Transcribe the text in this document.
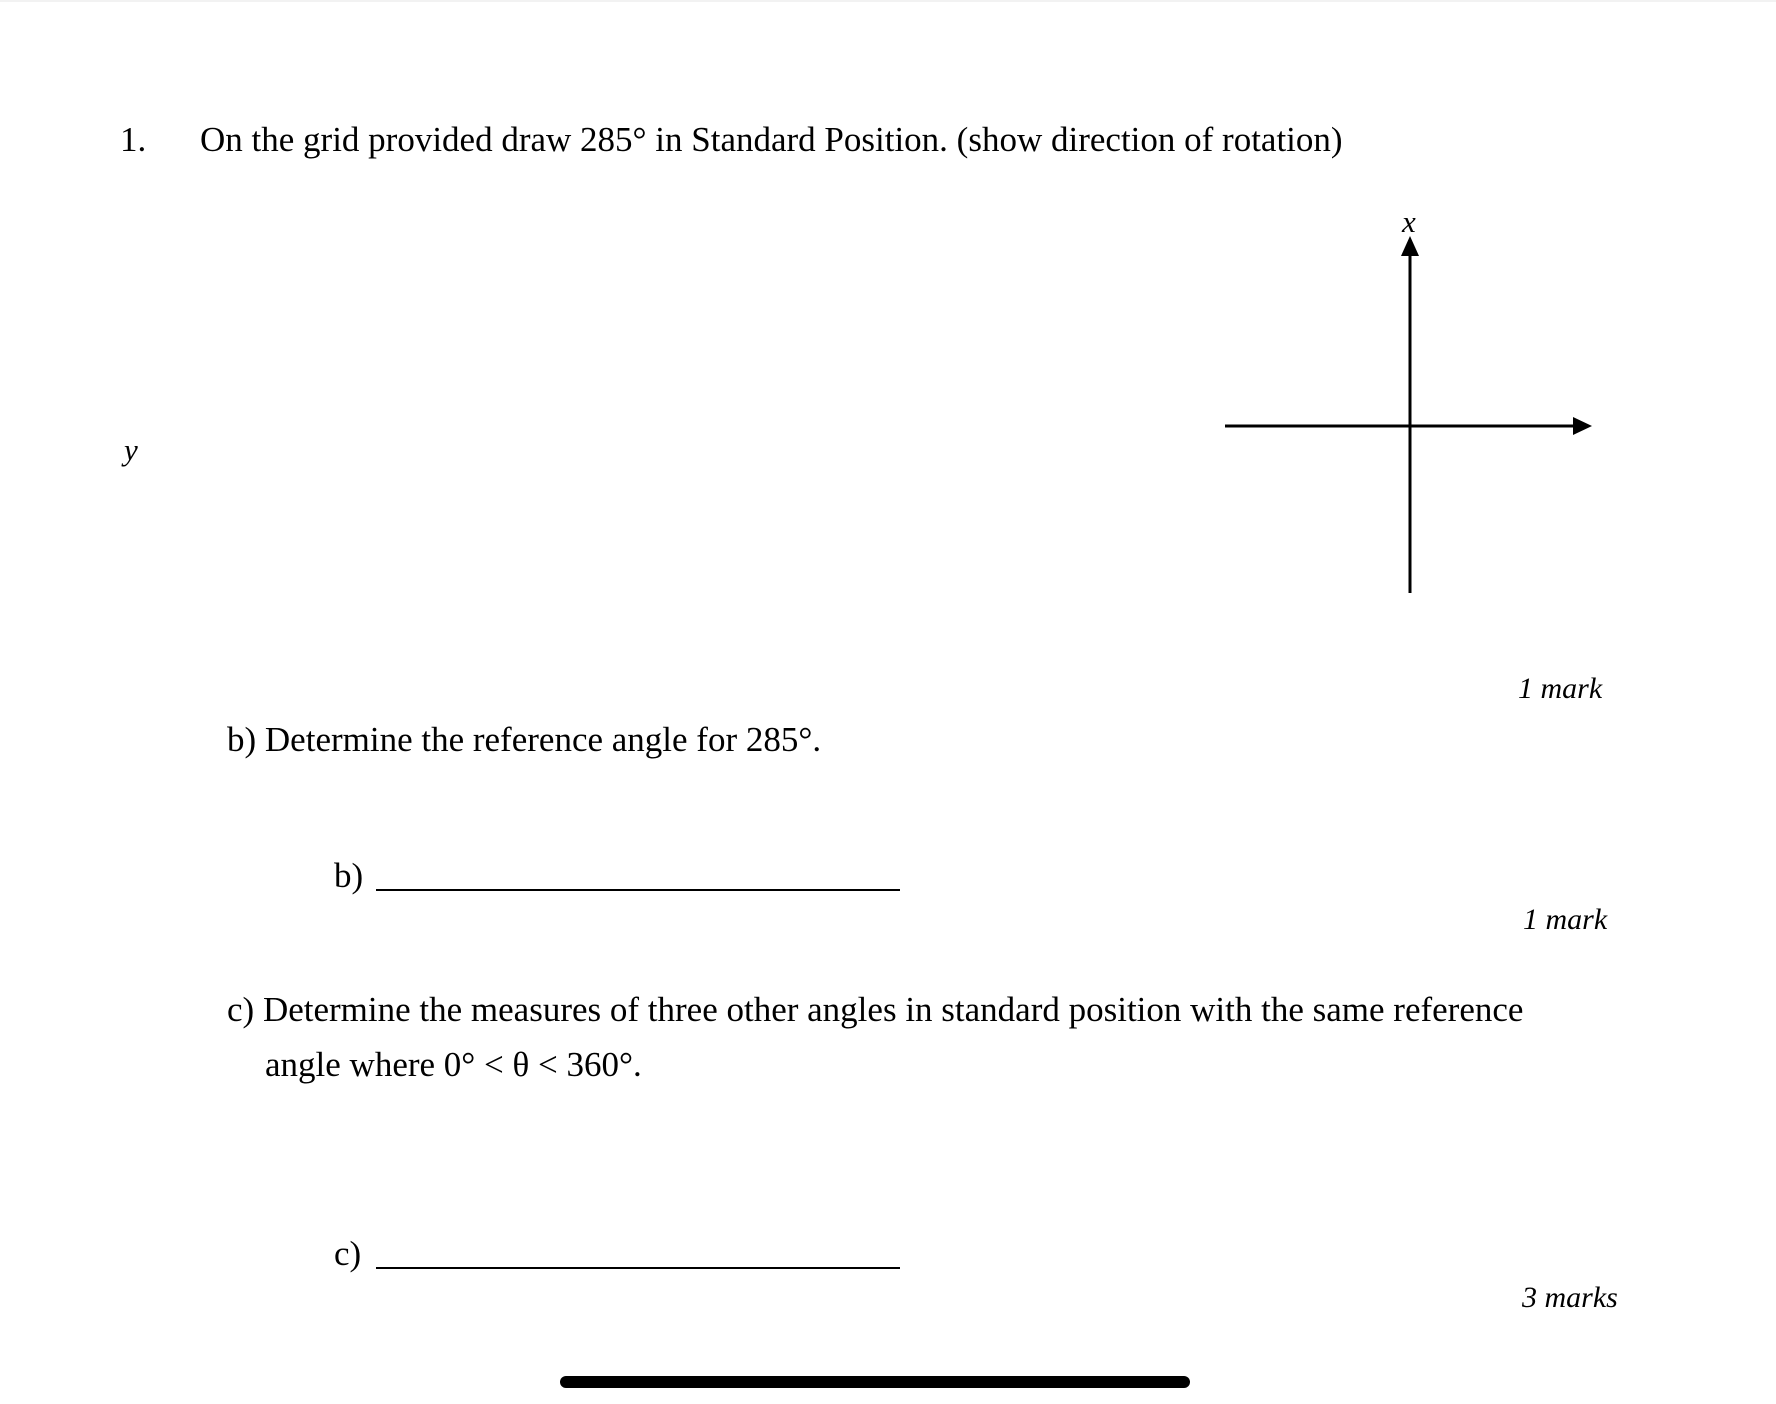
1. On the grid provided draw 285° in Standard Position. (show direction of rotation)
x
y
1 mark
b) Determine the reference angle for 285°.
b)
1 mark
c) Determine the measures of three other angles in standard position with the same reference
angle where 0° < θ < 360°.
c)
3 marks
